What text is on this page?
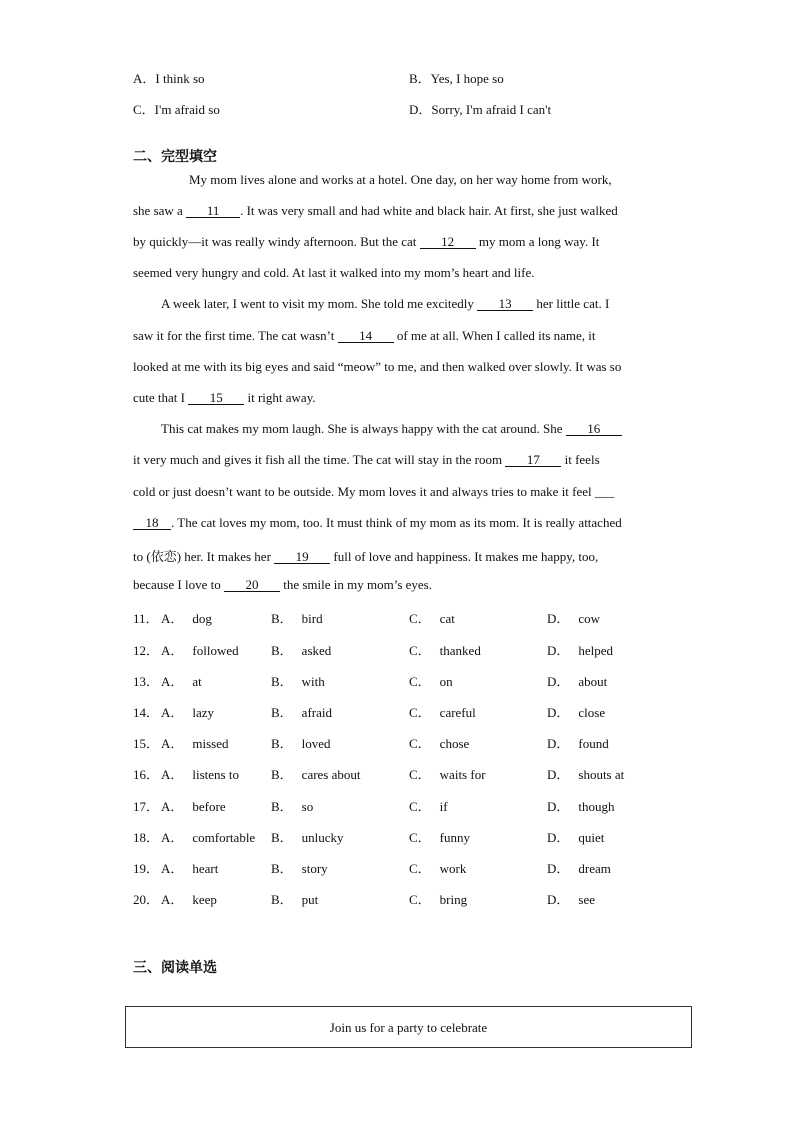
A．I think so	B．Yes, I hope so
C．I'm afraid so	D．Sorry, I'm afraid I can't
二、完型填空
My mom lives alone and works at a hotel. One day, on her way home from work,
she saw a 11 . It was very small and had white and black hair. At first, she just walked
by quickly—it was really windy afternoon. But the cat 12 my mom a long way. It
seemed very hungry and cold. At last it walked into my mom’s heart and life.
A week later, I went to visit my mom. She told me excitedly 13 her little cat. I
saw it for the first time. The cat wasn’t 14 of me at all. When I called its name, it
looked at me with its big eyes and said “meow” to me, and then walked over slowly. It was so
cute that I 15 it right away.
This cat makes my mom laugh. She is always happy with the cat around. She 16
it very much and gives it fish all the time. The cat will stay in the room 17 it feels
cold or just doesn’t want to be outside. My mom loves it and always tries to make it feel ___
18 . The cat loves my mom, too. It must think of my mom as its mom. It is really attached
to (依恋) her. It makes her 19 full of love and happiness. It makes me happy, too,
because I love to 20 the smile in my mom’s eyes.
11． A． dog	B． bird	C． cat	D． cow
12． A． followed B． asked	C． thanked	D． helped
13． A． at	B． with	C． on	D． about
14． A． lazy	B． afraid	C． careful	D． close
15． A． missed	B． loved	C． chose	D． found
16． A． listens to B． cares about	C． waits for	D． shouts at
17． A． before	B． so	C． if	D． though
18． A． comfortable B． unlucky	C． funny	D． quiet
19． A． heart	B． story	C． work	D． dream
20． A． keep	B． put	C． bring	D． see
三、阅读单选
Join us for a party to celebrate
